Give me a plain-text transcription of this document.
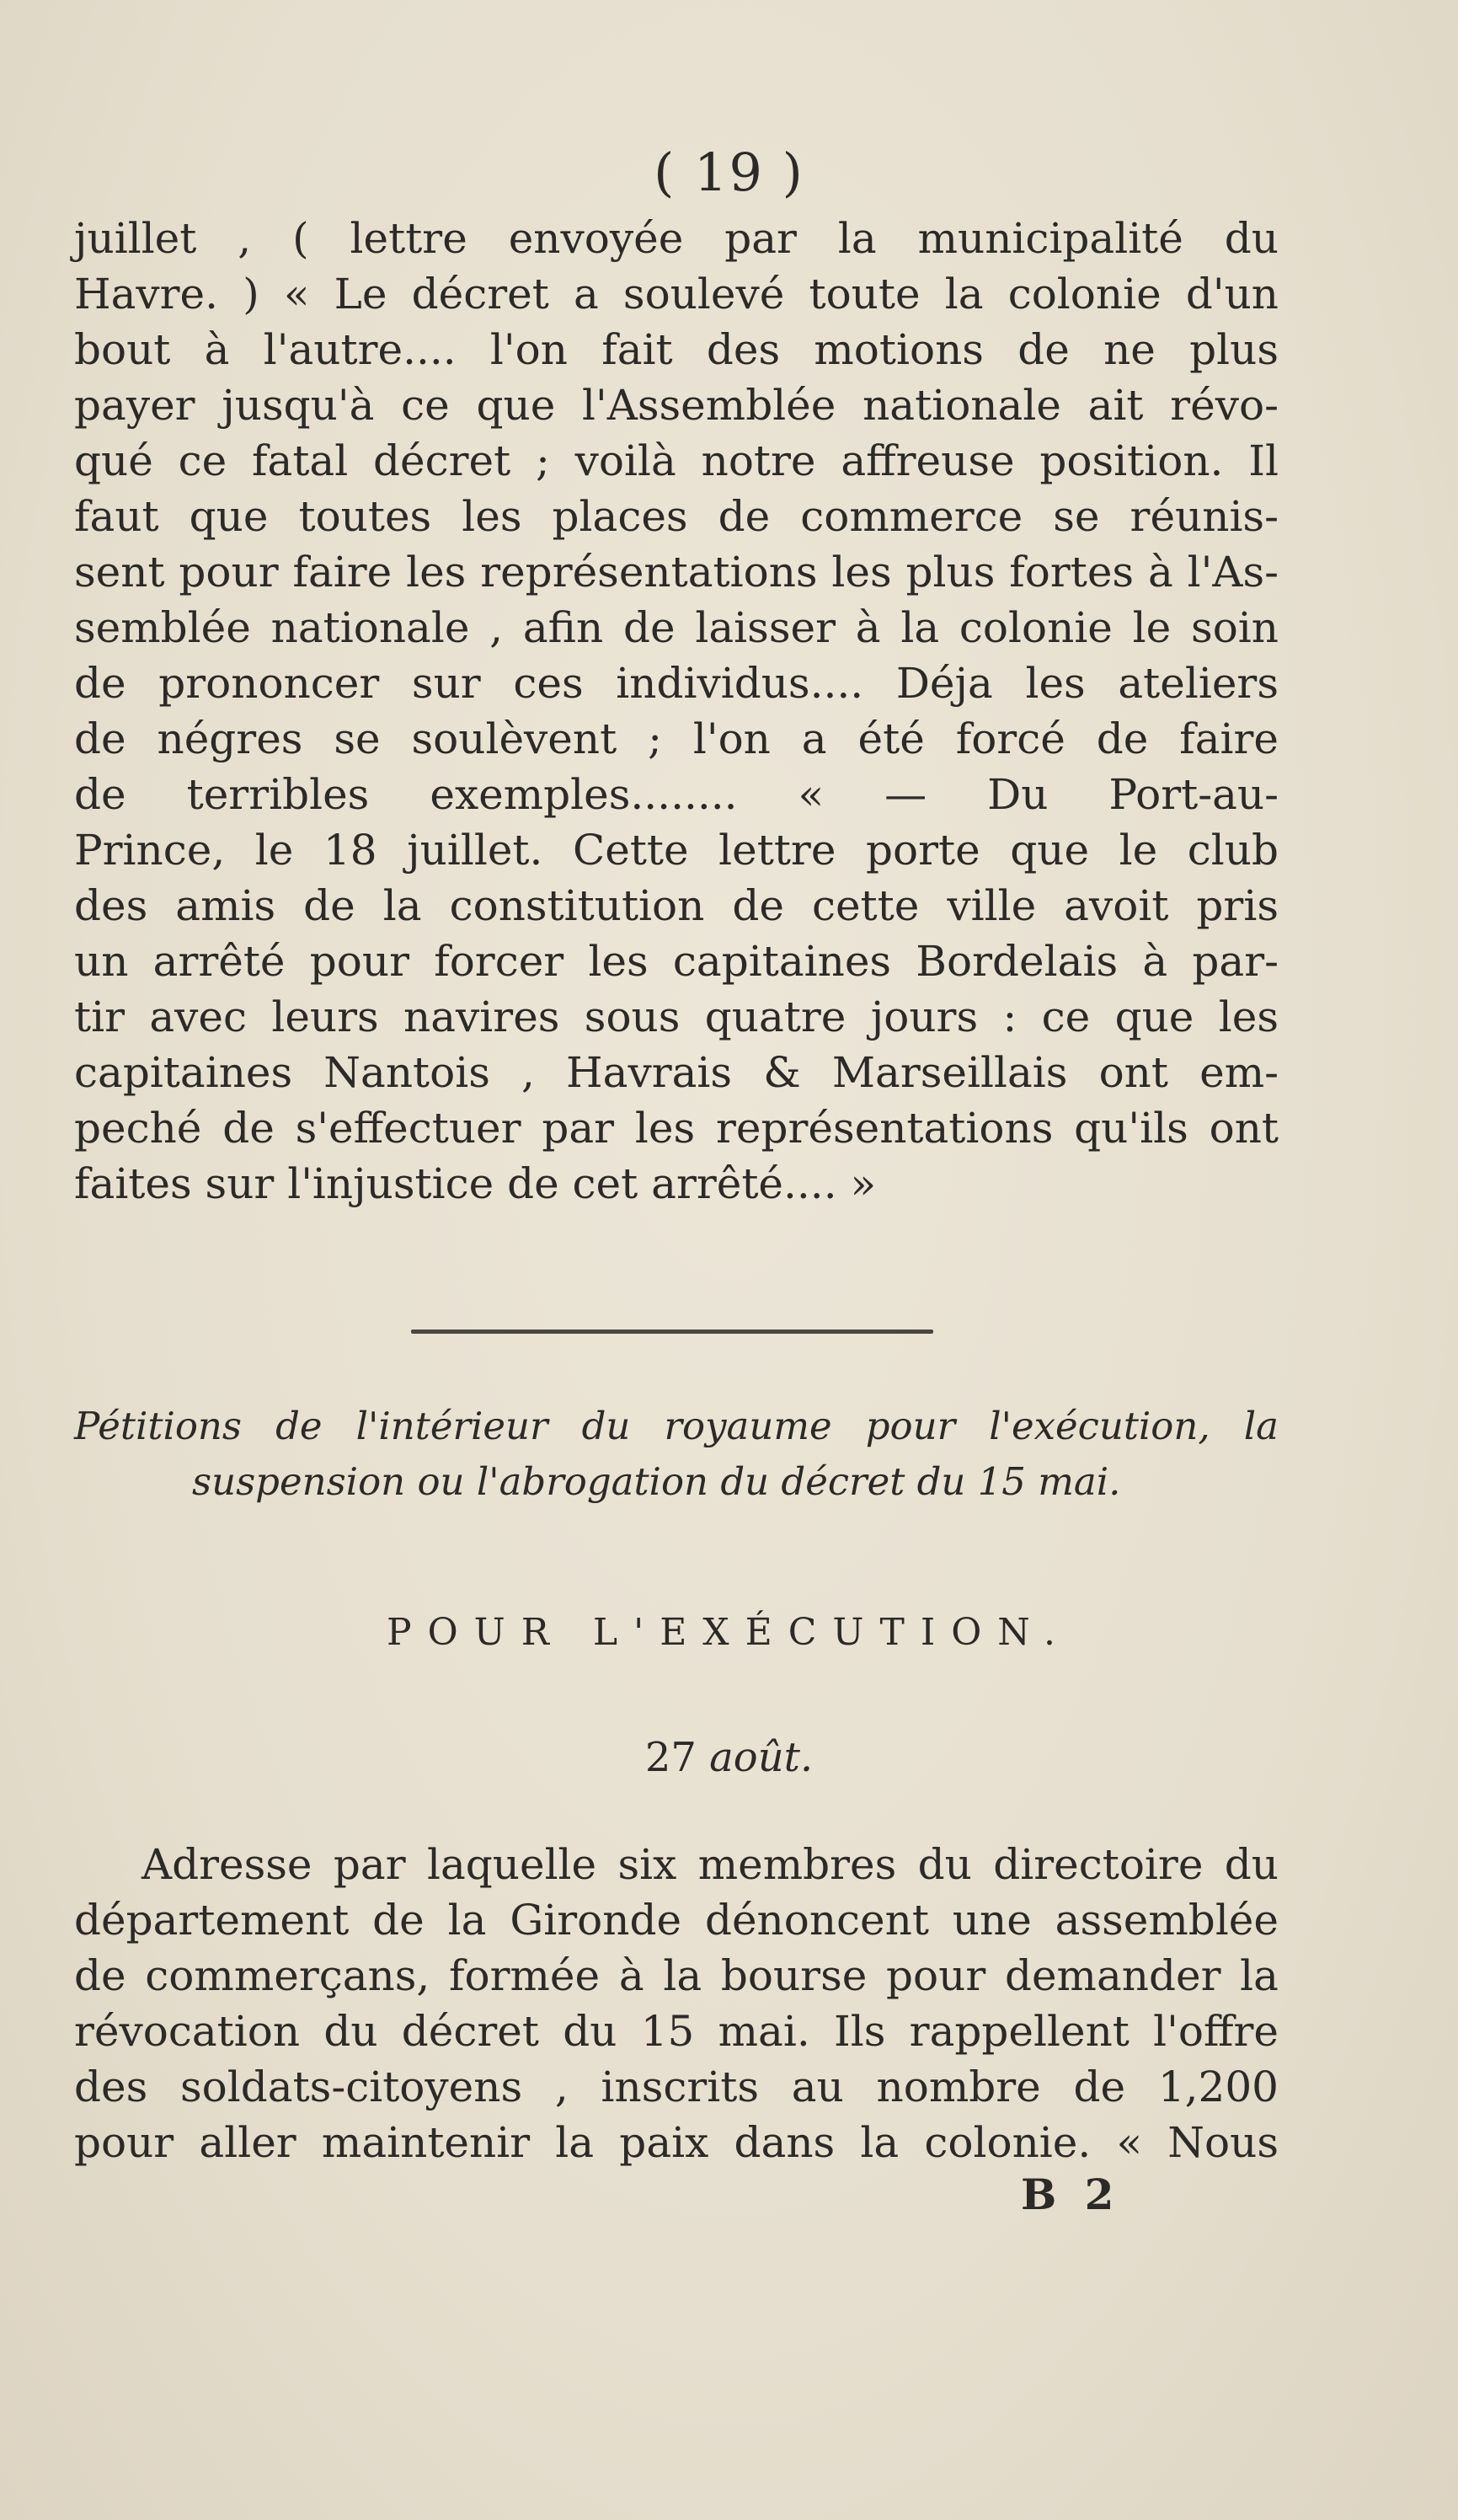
( 19 )
juillet , ( lettre envoyée par la municipalité du
Havre. ) « Le décret a soulevé toute la colonie d'un
bout à l'autre.... l'on fait des motions de ne plus
payer jusqu'à ce que l'Assemblée nationale ait révo-
qué ce fatal décret ; voilà notre affreuse position. Il
faut que toutes les places de commerce se réunis-
sent pour faire les représentations les plus fortes à l'As-
semblée nationale , afin de laisser à la colonie le soin
de prononcer sur ces individus.... Déja les ateliers
de négres se soulèvent ; l'on a été forcé de faire
de terribles exemples........ « — Du Port-au-
Prince, le 18 juillet. Cette lettre porte que le club
des amis de la constitution de cette ville avoit pris
un arrêté pour forcer les capitaines Bordelais à par-
tir avec leurs navires sous quatre jours : ce que les
capitaines Nantois , Havrais & Marseillais ont em-
peché de s'effectuer par les représentations qu'ils ont
faites sur l'injustice de cet arrêté.... »
Pétitions de l'intérieur du royaume pour l'exécution, la
suspension ou l'abrogation du décret du 15 mai.
POUR L'EXÉCUTION.
27 août.
Adresse par laquelle six membres du directoire du
département de la Gironde dénoncent une assemblée
de commerçans, formée à la bourse pour demander la
révocation du décret du 15 mai. Ils rappellent l'offre
des soldats-citoyens , inscrits au nombre de 1,200
pour aller maintenir la paix dans la colonie. « Nous
B 2
